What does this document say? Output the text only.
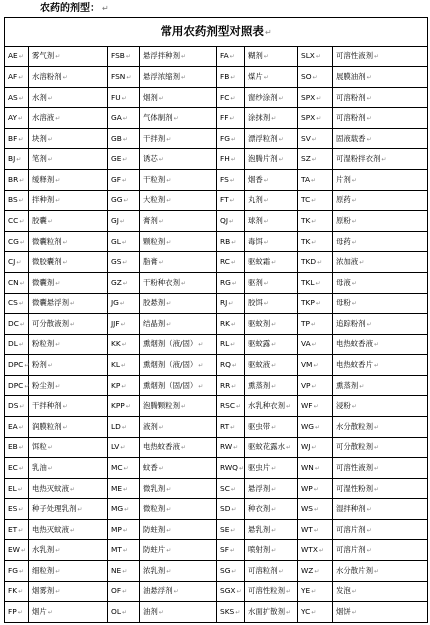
农药的剂型： ↵
常用农药剂型对照表↵							
AE↵	雾气剂↵	FSB↵	悬浮拌种剂↵	FA↵	糊剂↵	SLX↵	可溶性液剂↵
AF↵	水溶粉剂↵	FSN↵	悬浮浓缩剂↵	FB↵	煤片↵	SO↵	展膜油剂↵
AS↵	水剂↵	FU↵	烟剂↵	FC↵	窗纱涂剂↵	SPX↵	可溶粉剂↵
AY↵	水溶液↵	GA↵	气体制剂↵	FF↵	涂抹剂↵	SPX↵	可溶粉剂↵
BF↵	块剂↵	GB↵	干拌剂↵	FG↵	漂浮粒剂↵	SV↵	固液载香↵
BJ↵	笔剂↵	GE↵	诱芯↵	FH↵	泡腾片剂↵	SZ↵	可湿粉拌衣剂↵
BR↵	缓释剂↵	GF↵	干粒剂↵	FS↵	烟香↵	TA↵	片剂↵
BS↵	拌种剂↵	GG↵	大粒剂↵	FT↵	丸剂↵	TC↵	原药↵
CC↵	胶囊↵	GJ↵	膏剂↵	QJ↵	球剂↵	TK↵	原粉↵
CG↵	微囊粒剂↵	GL↵	颗粒剂↵	RB↵	毒饵↵	TK↵	母药↵
CJ↵	微胶囊剂↵	GS↵	脂膏↵	RC↵	驱蚊霜↵	TKD↵	浓加液↵
CN↵	微囊剂↵	GZ↵	干粉种衣剂↵	RG↵	驱剂↵	TKL↵	母液↵
CS↵	微囊悬浮剂↵	JG↵	胶悬剂↵	RJ↵	胶饵↵	TKP↵	母粉↵
DC↵	可分散液剂↵	JJF↵	结晶剂↵	RK↵	驱蚊剂↵	TP↵	追踪粉剂↵
DL↵	粉粒剂↵	KK↵	熏烟剂（液/固）↵	RL↵	驱蚊露↵	VA↵	电热蚊香液↵
DPC↵	粉剂↵	KL↵	熏烟剂（液/固）↵	RQ↵	驱蚊液↵	VM↵	电热蚊香片↵
DPC↵	粉尘剂↵	KP↵	熏烟剂（固/固）↵	RR↵	熏蒸剂↵	VP↵	熏蒸剂↵
DS↵	干拌种剂↵	KPP↵	泡腾颗粒剂↵	RSC↵	水乳种衣剂↵	WF↵	浸粉↵
EA↵	润膜粒剂↵	LD↵	液剂↵	RT↵	驱虫带↵	WG↵	水分散粒剂↵
EB↵	饵粒↵	LV↵	电热蚊香液↵	RW↵	驱蚊花露水↵	WJ↵	可分散粒剂↵
EC↵	乳油↵	MC↵	蚊香↵	RWQ↵	驱虫片↵	WN↵	可溶性液剂↵
EL↵	电热灭蚊液↵	ME↵	微乳剂↵	SC↵	悬浮剂↵	WP↵	可湿性粉剂↵
ES↵	种子处理乳剂↵	MG↵	微粒剂↵	SD↵	种衣剂↵	WS↵	湿拌种剂↵
ET↵	电热灭蚊液↵	MP↵	防蛀剂↵	SE↵	悬乳剂↵	WT↵	可溶片剂↵
EW↵	水乳剂↵	MT↵	防蛀片↵	SF↵	喷射剂↵	WTX↵	可溶片剂↵
FG↵	细粒剂↵	NE↵	浓乳剂↵	SG↵	可溶粒剂↵	WZ↵	水分散片剂↵
FK↵	烟雾剂↵	OF↵	油悬浮剂↵	SGX↵	可溶性粒剂↵	YE↵	发泡↵
FP↵	烟片↵	OL↵	油剂↵	SKS↵	水面扩散剂↵	YC↵	烟饼↵
